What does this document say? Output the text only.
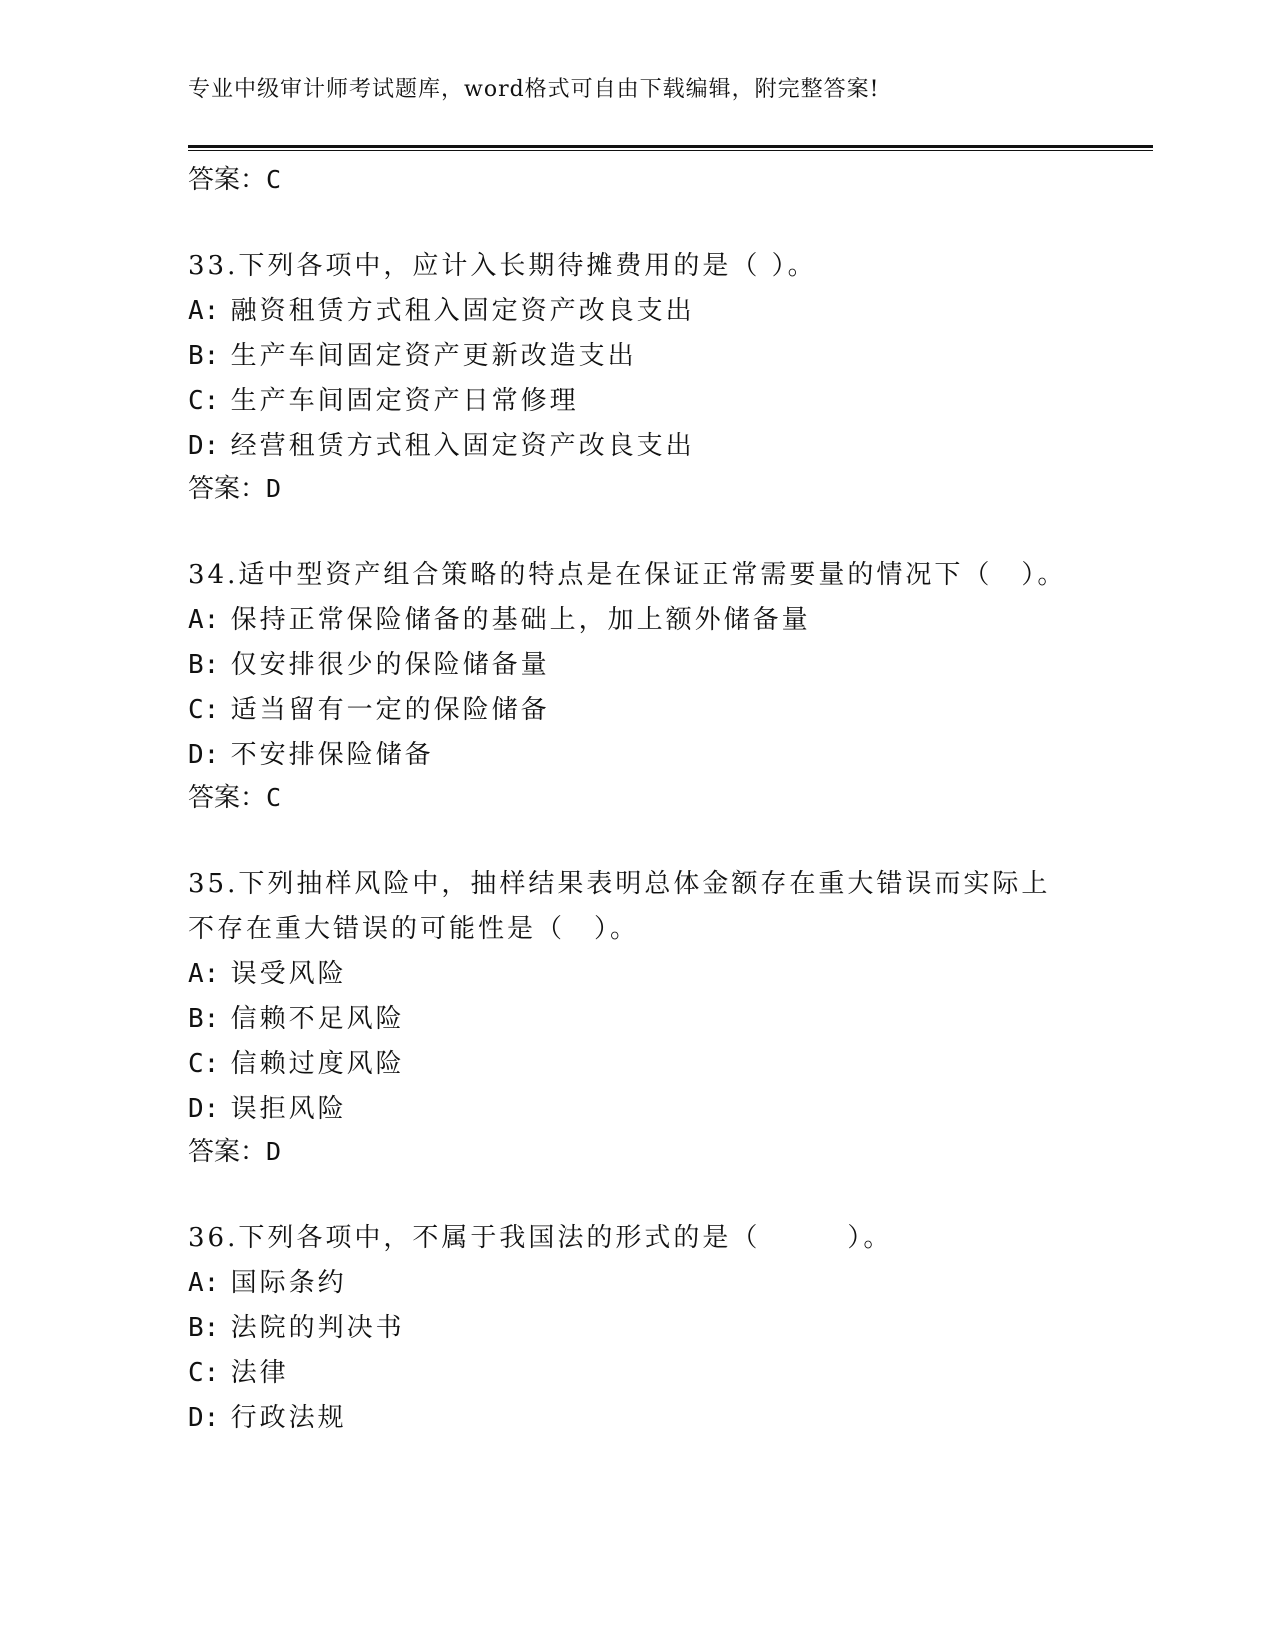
专业中级审计师考试题库，word格式可自由下载编辑，附完整答案!
答案：C
33.下列各项中，应计入长期待摊费用的是（ ）。
A: 融资租赁方式租入固定资产改良支出
B: 生产车间固定资产更新改造支出
C: 生产车间固定资产日常修理
D: 经营租赁方式租入固定资产改良支出
答案：D
34.适中型资产组合策略的特点是在保证正常需要量的情况下（　）。
A: 保持正常保险储备的基础上，加上额外储备量
B: 仅安排很少的保险储备量
C: 适当留有一定的保险储备
D: 不安排保险储备
答案：C
35.下列抽样风险中，抽样结果表明总体金额存在重大错误而实际上不存在重大错误的可能性是（　）。
A: 误受风险
B: 信赖不足风险
C: 信赖过度风险
D: 误拒风险
答案：D
36.下列各项中，不属于我国法的形式的是（　　　）。
A: 国际条约
B: 法院的判决书
C: 法律
D: 行政法规
